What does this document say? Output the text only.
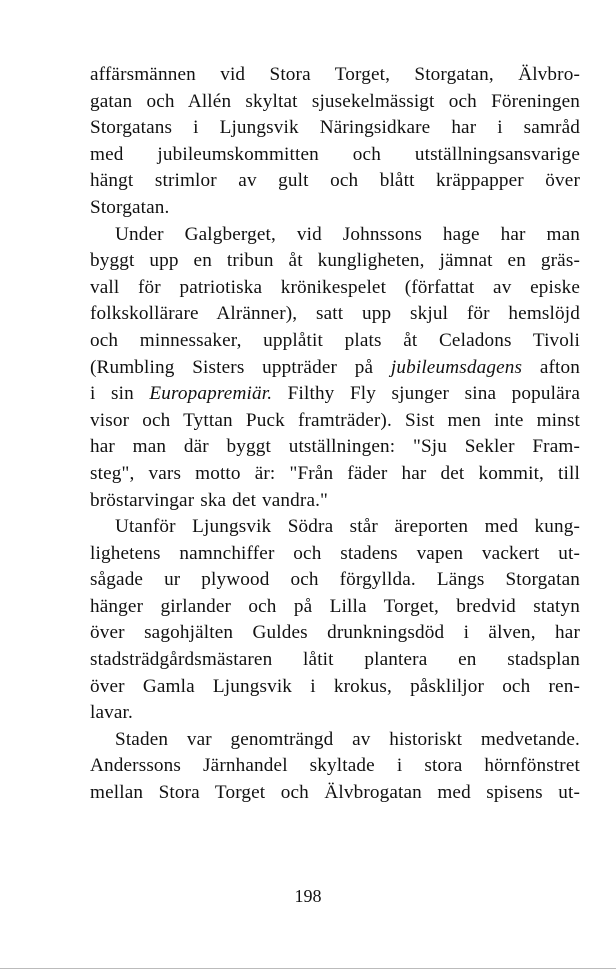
affärsmännen vid Stora Torget, Storgatan, Älvbro-
gatan och Allén skyltat sjusekelmässigt och Föreningen
Storgatans i Ljungsvik Näringsidkare har i samråd
med jubileumskommitten och utställningsansvarige
hängt strimlor av gult och blått kräppapper över
Storgatan.

Under Galgberget, vid Johnssons hage har man
byggt upp en tribun åt kungligheten, jämnat en gräs-
vall för patriotiska krönikespelet (författat av episke
folkskollärare Alränner), satt upp skjul för hemslöjd
och minnessaker, upplåtit plats åt Celadons Tivoli
(Rumbling Sisters uppträder på jubileumsdagens afton
i sin Europapremiär. Filthy Fly sjunger sina populära
visor och Tyttan Puck framträder). Sist men inte minst
har man där byggt utställningen: "Sju Sekler Fram-
steg", vars motto är: "Från fäder har det kommit, till
bröstarvingar ska det vandra."

Utanför Ljungsvik Södra står äreporten med kung-
lighetens namnchiffer och stadens vapen vackert ut-
sågade ur plywood och förgyllda. Längs Storgatan
hänger girlander och på Lilla Torget, bredvid statyn
över sagohjälten Guldes drunkningsdöd i älven, har
stadsträdgårdsmästaren låtit plantera en stadsplan
över Gamla Ljungsvik i krokus, påskliljor och ren-
lavar.

Staden var genomträngd av historiskt medvetande.
Anderssons Järnhandel skyltade i stora hörnfönstret
mellan Stora Torget och Älvbrogatan med spisens ut-

198
